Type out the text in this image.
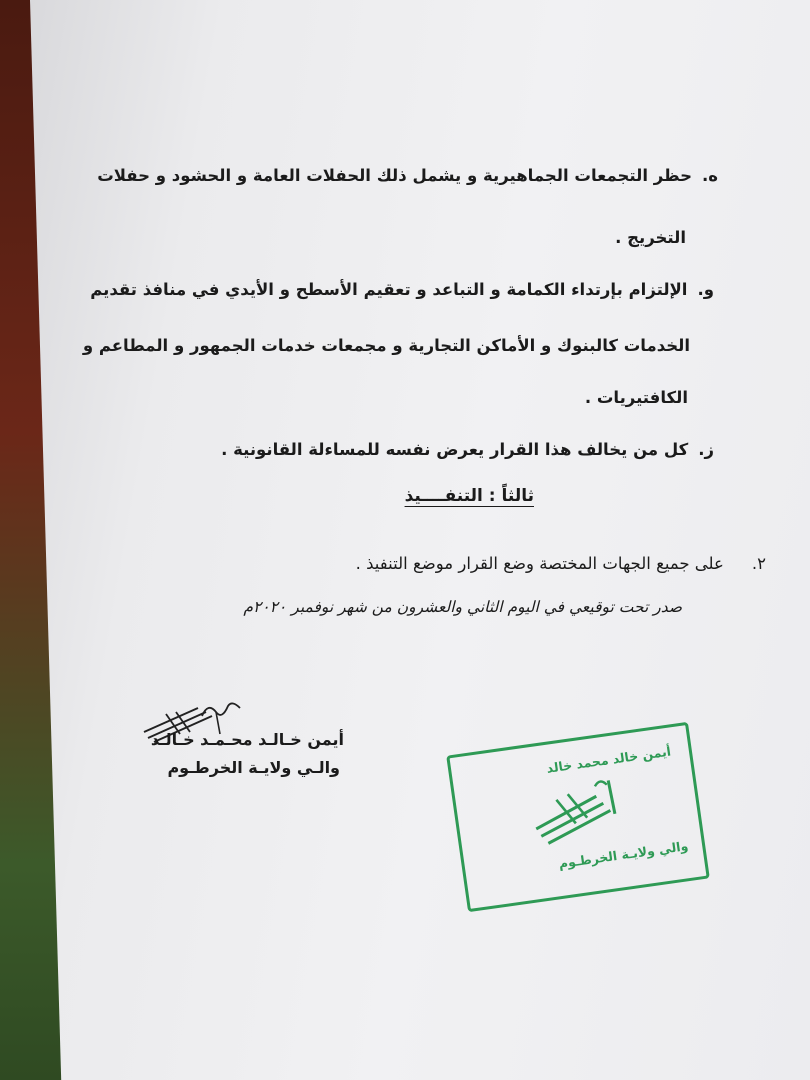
ه.حظر التجمعات الجماهيرية و يشمل ذلك الحفلات العامة و الحشود و حفلات
التخريج .
و.الإلتزام بإرتداء الكمامة و التباعد و تعقيم الأسطح و الأيدي في منافذ تقديم
الخدمات كالبنوك و الأماكن التجارية و مجمعات خدمات الجمهور و المطاعم و
الكافتيريات .
ز.كل من يخالف هذا القرار يعرض نفسه للمساءلة القانونية .
ثالثاً : التنفــــيذ
٢.على جميع الجهات المختصة وضع القرار موضع التنفيذ .
صدر تحت توقيعي في اليوم الثاني والعشرون من شهر نوفمبر ٢٠٢٠م
أيمن خـالـد محـمـد خـالـد
والـي ولايـة الخرطـوم	أيمن خالد محمد خالد
والي ولايـة الخرطـوم
